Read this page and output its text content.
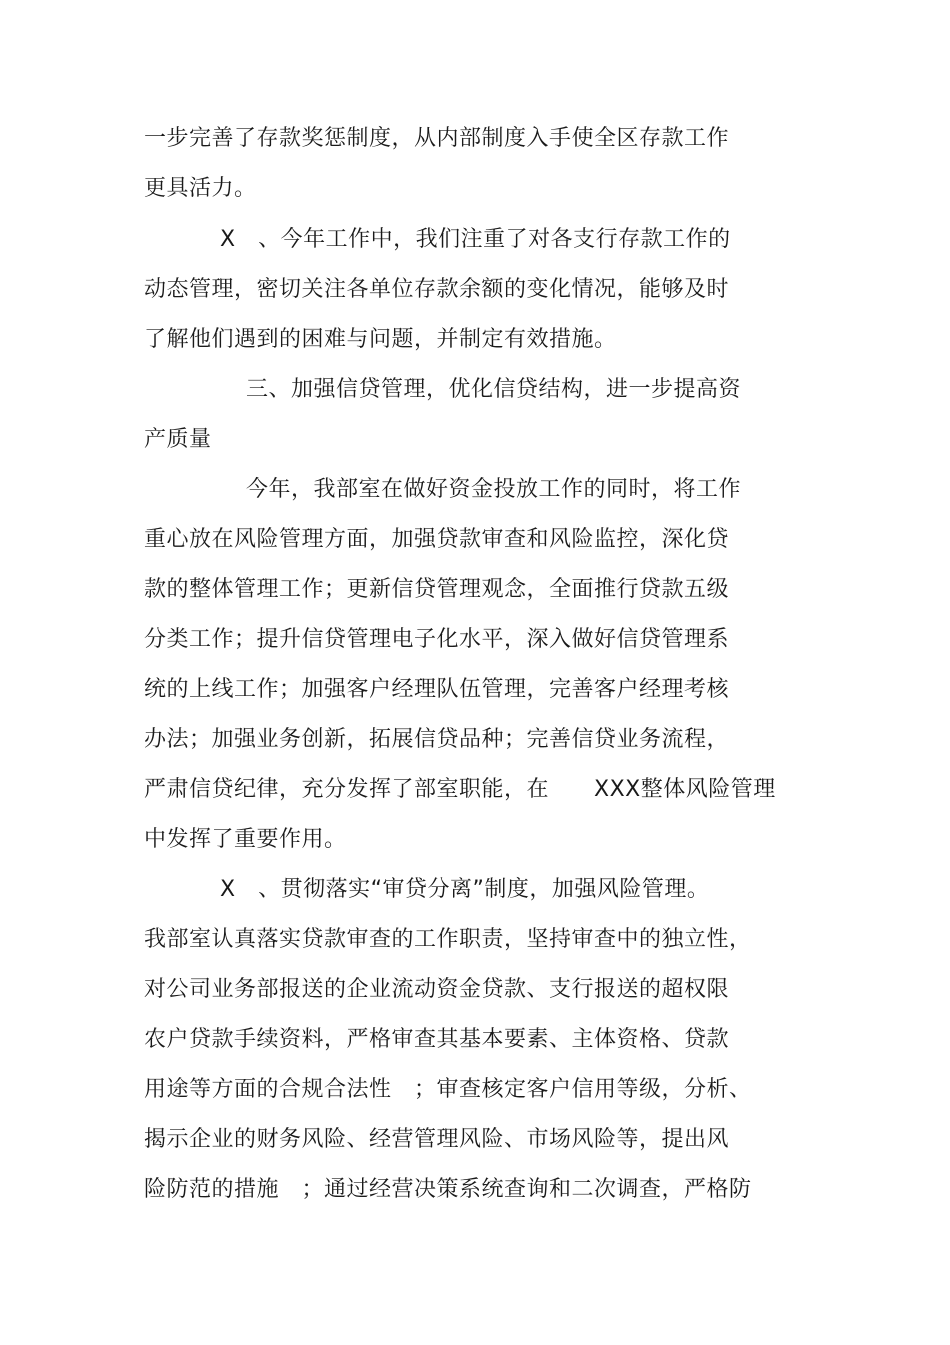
一步完善了存款奖惩制度，从内部制度入手使全区存款工作
更具活力。
X　、今年工作中，我们注重了对各支行存款工作的
动态管理，密切关注各单位存款余额的变化情况，能够及时
了解他们遇到的困难与问题，并制定有效措施。
三、加强信贷管理，优化信贷结构，进一步提高资
产质量
今年，我部室在做好资金投放工作的同时，将工作
重心放在风险管理方面，加强贷款审查和风险监控，深化贷
款的整体管理工作；更新信贷管理观念，全面推行贷款五级
分类工作；提升信贷管理电子化水平，深入做好信贷管理系
统的上线工作；加强客户经理队伍管理，完善客户经理考核
办法；加强业务创新，拓展信贷品种；完善信贷业务流程，
严肃信贷纪律，充分发挥了部室职能，在　　XXX整体风险管理
中发挥了重要作用。
X　、贯彻落实“审贷分离”制度，加强风险管理。
我部室认真落实贷款审查的工作职责，坚持审查中的独立性，
对公司业务部报送的企业流动资金贷款、支行报送的超权限
农户贷款手续资料，严格审查其基本要素、主体资格、贷款
用途等方面的合规合法性　；审查核定客户信用等级，分析、
揭示企业的财务风险、经营管理风险、市场风险等，提出风
险防范的措施　；通过经营决策系统查询和二次调查，严格防
